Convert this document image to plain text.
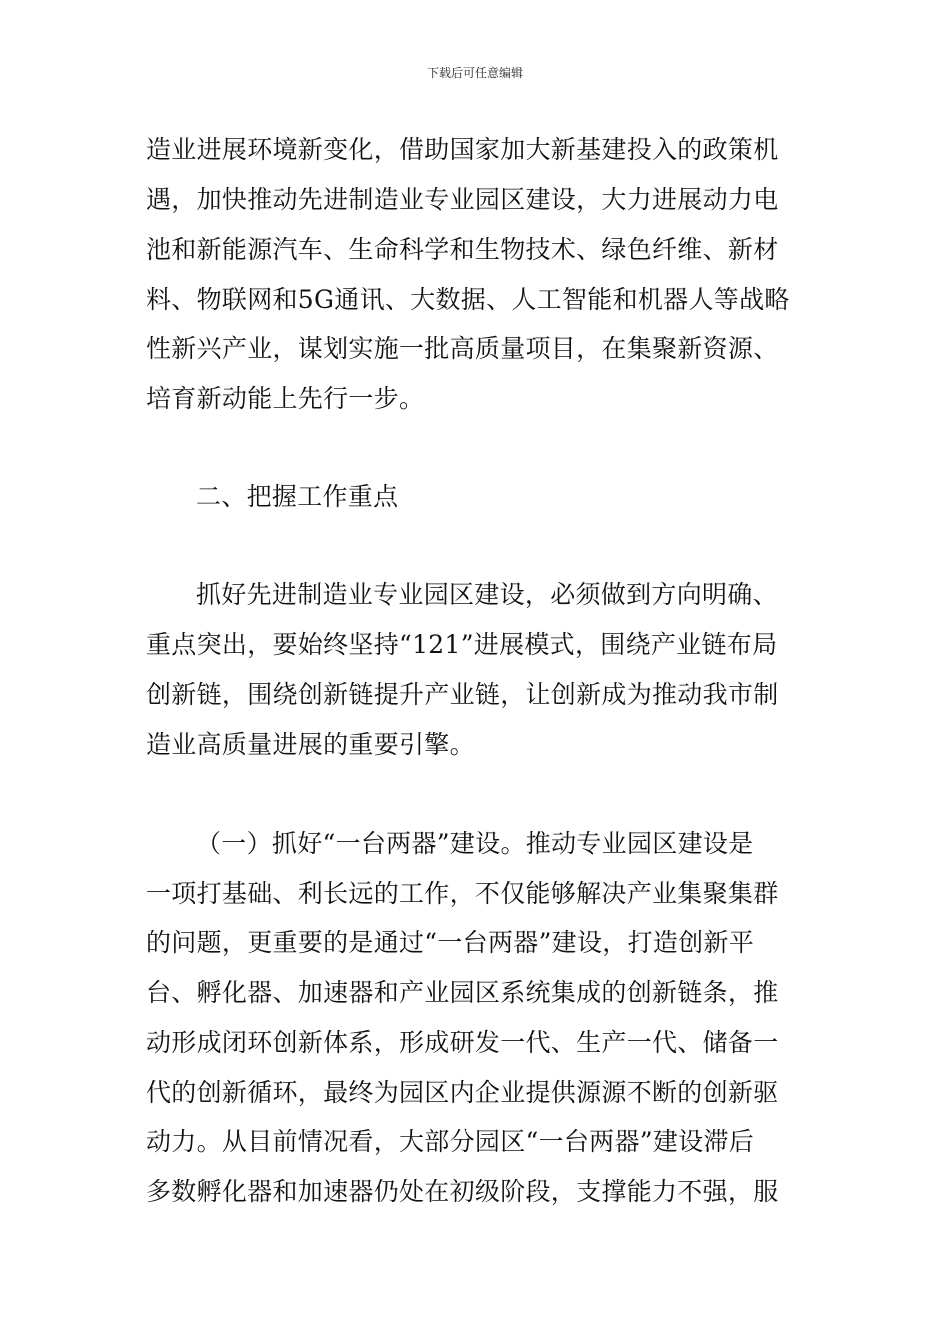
下载后可任意编辑
造业进展环境新变化，借助国家加大新基建投入的政策机
遇，加快推动先进制造业专业园区建设，大力进展动力电
池和新能源汽车、生命科学和生物技术、绿色纤维、新材
料、物联网和5G通讯、大数据、人工智能和机器人等战略
性新兴产业，谋划实施一批高质量项目，在集聚新资源、
培育新动能上先行一步。
二、把握工作重点
抓好先进制造业专业园区建设，必须做到方向明确、
重点突出，要始终坚持“121”进展模式，围绕产业链布局
创新链，围绕创新链提升产业链，让创新成为推动我市制
造业高质量进展的重要引擎。
（一）抓好“一台两器”建设。推动专业园区建设是
一项打基础、利长远的工作，不仅能够解决产业集聚集群
的问题，更重要的是通过“一台两器”建设，打造创新平
台、孵化器、加速器和产业园区系统集成的创新链条，推
动形成闭环创新体系，形成研发一代、生产一代、储备一
代的创新循环，最终为园区内企业提供源源不断的创新驱
动力。从目前情况看，大部分园区“一台两器”建设滞后
多数孵化器和加速器仍处在初级阶段，支撑能力不强，服
